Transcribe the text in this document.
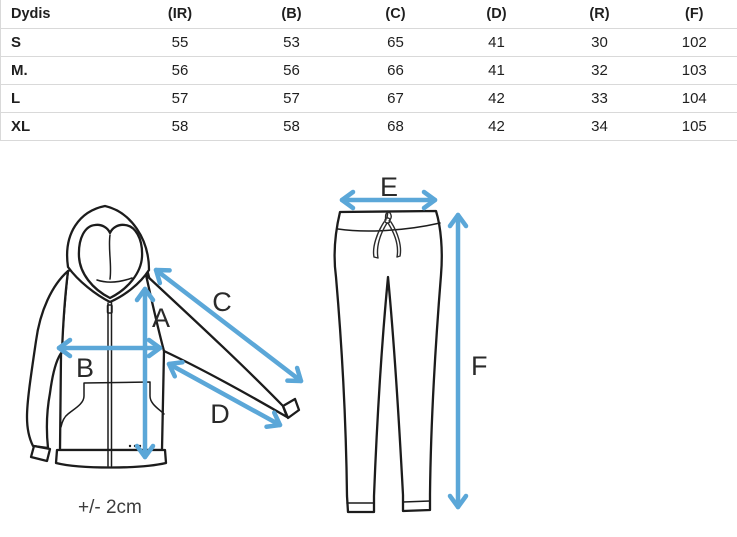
Dydis	(IR)	(B)	(C)	(D)	(R)	(F)
S	55	53	65	41	30	102
M.	56	56	66	41	32	103
L	57	57	67	42	33	104
XL	58	58	68	42	34	105
A
B
C
D
E
F
+/- 2cm
